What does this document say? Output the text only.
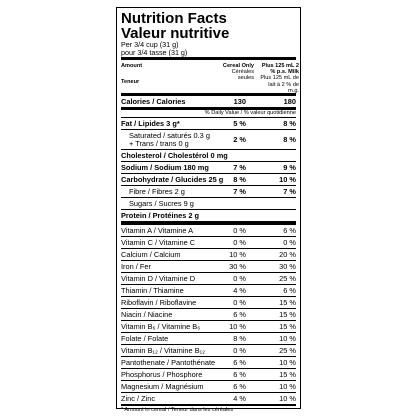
Nutrition Facts
Valeur nutritive
Per 3/4 cup (31 g)
pour 3/4 tasse (31 g)
Amount
Teneur
Cereal Only
Céréales seules
Plus 125 mL 2 % p.s. Milk
Plus 125 mL de lait à 2 % de m.g.
Calories / Calories	130	180
% Daily Value / % valeur quotidienne
Fat / Lipides 3 g*	5 %	8 %
Saturated / saturés 0.3 g
+ Trans / trans 0 g	2 %	8 %
Cholesterol / Cholestérol 0 mg
Sodium / Sodium 180 mg	7 %	9 %
Carbohydrate / Glucides 25 g	8 %	10 %
Fibre / Fibres 2 g	7 %	7 %
Sugars / Sucres 9 g
Protein / Protéines 2 g
Vitamin A / Vitamine A	0 %	6 %
Vitamin C / Vitamine C	0 %	0 %
Calcium / Calcium	10 %	20 %
Iron / Fer	30 %	30 %
Vitamin D / Vitamine D	0 %	25 %
Thiamin / Thiamine	4 %	6 %
Riboflavin / Riboflavine	0 %	15 %
Niacin / Niacine	6 %	15 %
Vitamin B₆ / Vitamine B₆	10 %	15 %
Folate / Folate	8 %	10 %
Vitamin B₁₂ / Vitamine B₁₂	0 %	25 %
Pantothenate / Pantothénate	6 %	10 %
Phosphorus / Phosphore	6 %	15 %
Magnesium / Magnésium	6 %	10 %
Zinc / Zinc	4 %	10 %
* Amount in cereal / Teneur dans les céréales
